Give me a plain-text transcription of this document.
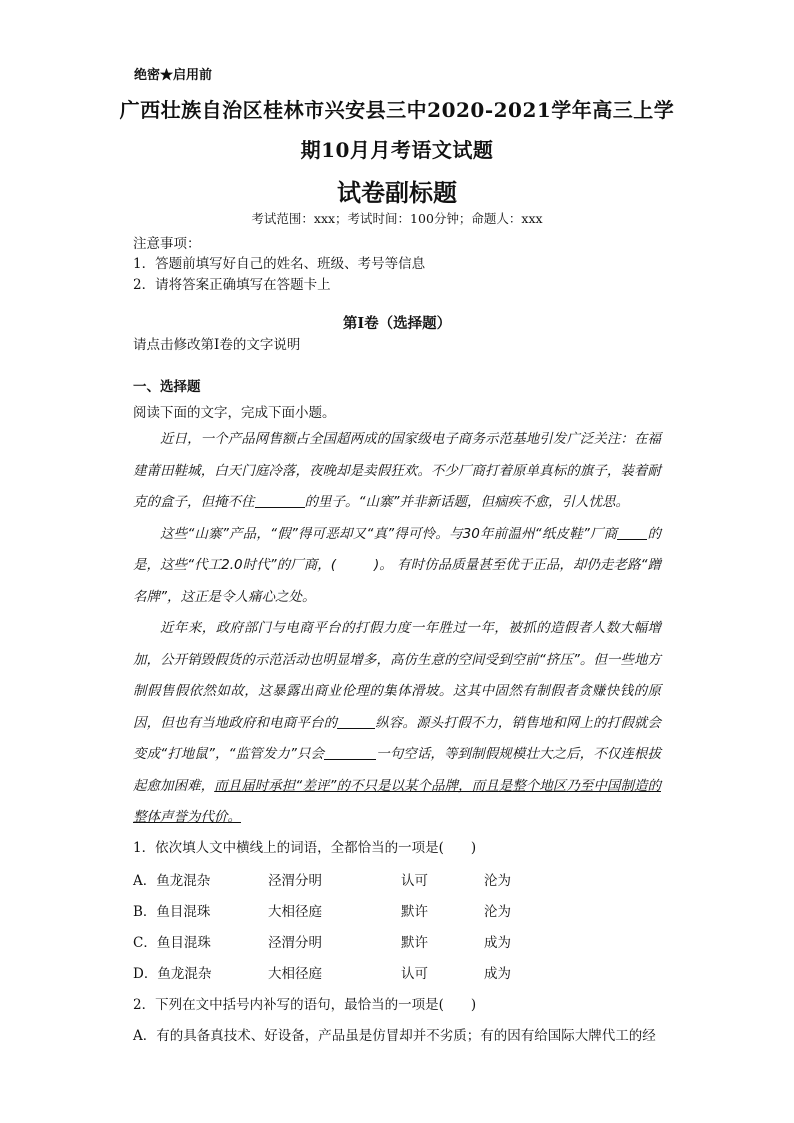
绝密★启用前
广西壮族自治区桂林市兴安县三中2020-2021学年高三上学
期10月月考语文试题
试卷副标题
考试范围：xxx；考试时间：100分钟；命题人：xxx
注意事项：
1．答题前填写好自己的姓名、班级、考号等信息
2．请将答案正确填写在答题卡上
第I卷（选择题）
请点击修改第I卷的文字说明
一、选择题
阅读下面的文字，完成下面小题。

近日，一个产品网售额占全国超两成的国家级电子商务示范基地引发广泛关注：在福建莆田鞋城，白天门庭冷落，夜晚却是卖假狂欢。不少厂商打着原单真标的旗子，装着耐克的盒子，但掩不住	的里子。“山寨”并非新话题，但痼疾不愈，引人忧思。

这些“山寨”产品，“假”得可恶却又“真”得可怜。与30年前温州“纸皮鞋”厂商 的是，这些“代工2.0时代”的厂商，(	)。 有时仿品质量甚至优于正品，却仍走老路“蹭名牌”，这正是令人痛心之处。

近年来，政府部门与电商平台的打假力度一年胜过一年，被抓的造假者人数大幅增加，公开销毁假货的示范活动也明显增多，高仿生意的空间受到空前“挤压”。但一些地方制假售假依然如故，这暴露出商业伦理的集体滑坡。这其中固然有制假者贪赚快钱的原因，但也有当地政府和电商平台的	纵容。源头打假不力，销售地和网上的打假就会变成“打地鼠”，“监管发力”只会	一句空话，等到制假规模壮大之后，不仅连根拔起愈加困难，而且届时承担“差评”的不只是以某个品牌，而且是整个地区乃至中国制造的整体声誉为代价。

1．依次填人文中横线上的词语，全都恰当的一项是(　　)
A．鱼龙混杂	泾渭分明	认可	沦为
B．鱼目混珠	大相径庭	默许	沦为
C．鱼目混珠	泾渭分明	默许	成为
D．鱼龙混杂	大相径庭	认可	成为
2．下列在文中括号内补写的语句，最恰当的一项是(　　)
A．有的具备真技术、好设备，产品虽是仿冒却并不劣质；有的因有给国际大牌代工的经
